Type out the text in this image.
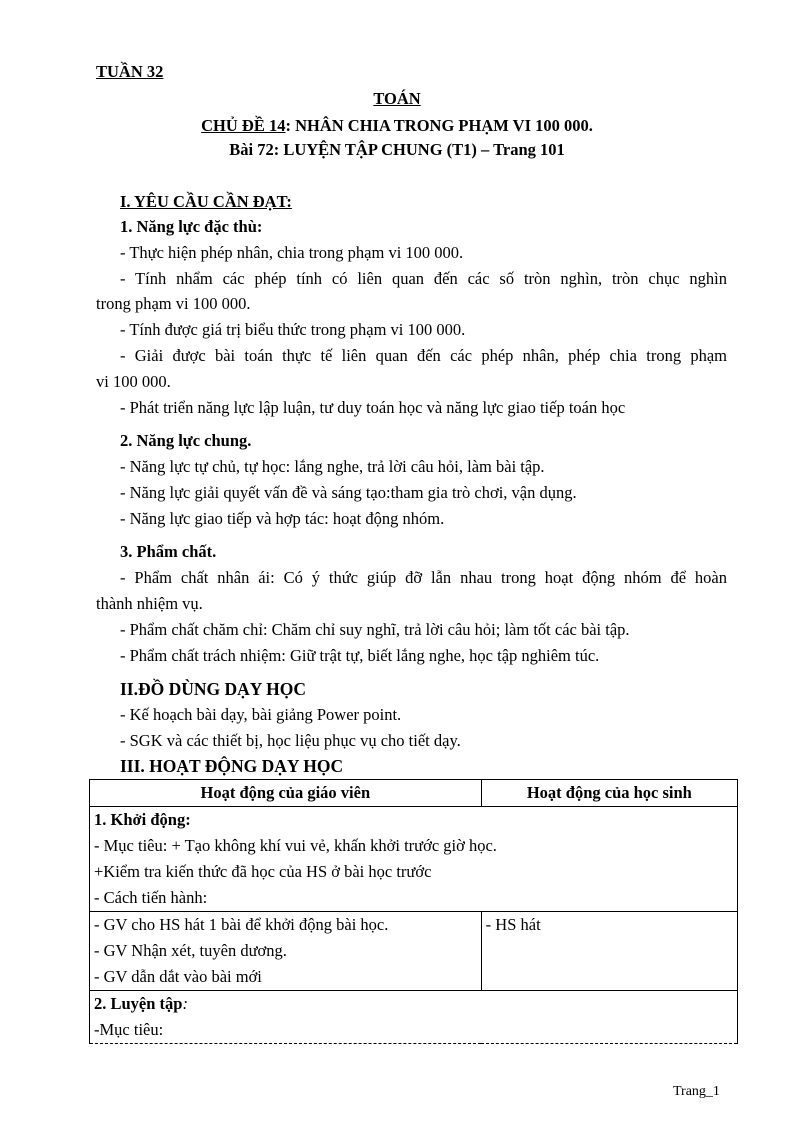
TUẦN 32
TOÁN
CHỦ ĐỀ 14: NHÂN CHIA TRONG PHẠM VI 100 000.
Bài 72: LUYỆN TẬP CHUNG (T1) – Trang 101
I. YÊU CẦU CẦN ĐẠT:
1. Năng lực đặc thù:
- Thực hiện phép nhân, chia trong phạm vi 100 000.
- Tính nhẩm các phép tính có liên quan đến các số tròn nghìn, tròn chục nghìn
trong phạm vi 100 000.
- Tính được giá trị biểu thức trong phạm vi 100 000.
- Giải được bài toán thực tế liên quan đến các phép nhân, phép chia trong phạm
vi 100 000.
- Phát triển năng lực lập luận, tư duy toán học và năng lực giao tiếp toán học
2. Năng lực chung.
- Năng lực tự chủ, tự học: lắng nghe, trả lời câu hỏi, làm bài tập.
- Năng lực giải quyết vấn đề và sáng tạo:tham gia trò chơi, vận dụng.
- Năng lực giao tiếp và hợp tác: hoạt động nhóm.
3. Phẩm chất.
- Phẩm chất nhân ái: Có ý thức giúp đỡ lẫn nhau trong hoạt động nhóm để hoàn
thành nhiệm vụ.
- Phẩm chất chăm chỉ: Chăm chỉ suy nghĩ, trả lời câu hỏi; làm tốt các bài tập.
- Phẩm chất trách nhiệm: Giữ trật tự, biết lắng nghe, học tập nghiêm túc.
II.ĐỒ DÙNG DẠY HỌC
- Kế hoạch bài dạy, bài giảng Power point.
- SGK và các thiết bị, học liệu phục vụ cho tiết dạy.
III. HOẠT ĐỘNG DẠY HỌC
Hoạt động của giáo viên	Hoạt động của học sinh

1. Khởi động:
- Mục tiêu: + Tạo không khí vui vẻ, khấn khởi trước giờ học.
+Kiểm tra kiến thức đã học của HS ở bài học trước
- Cách tiến hành:	

- GV cho HS hát 1 bài để khởi động bài học.
- GV Nhận xét, tuyên dương.
- GV dẫn dắt vào bài mới	- HS hát

2. Luyện tập:
-Mục tiêu:	
Trang_1
